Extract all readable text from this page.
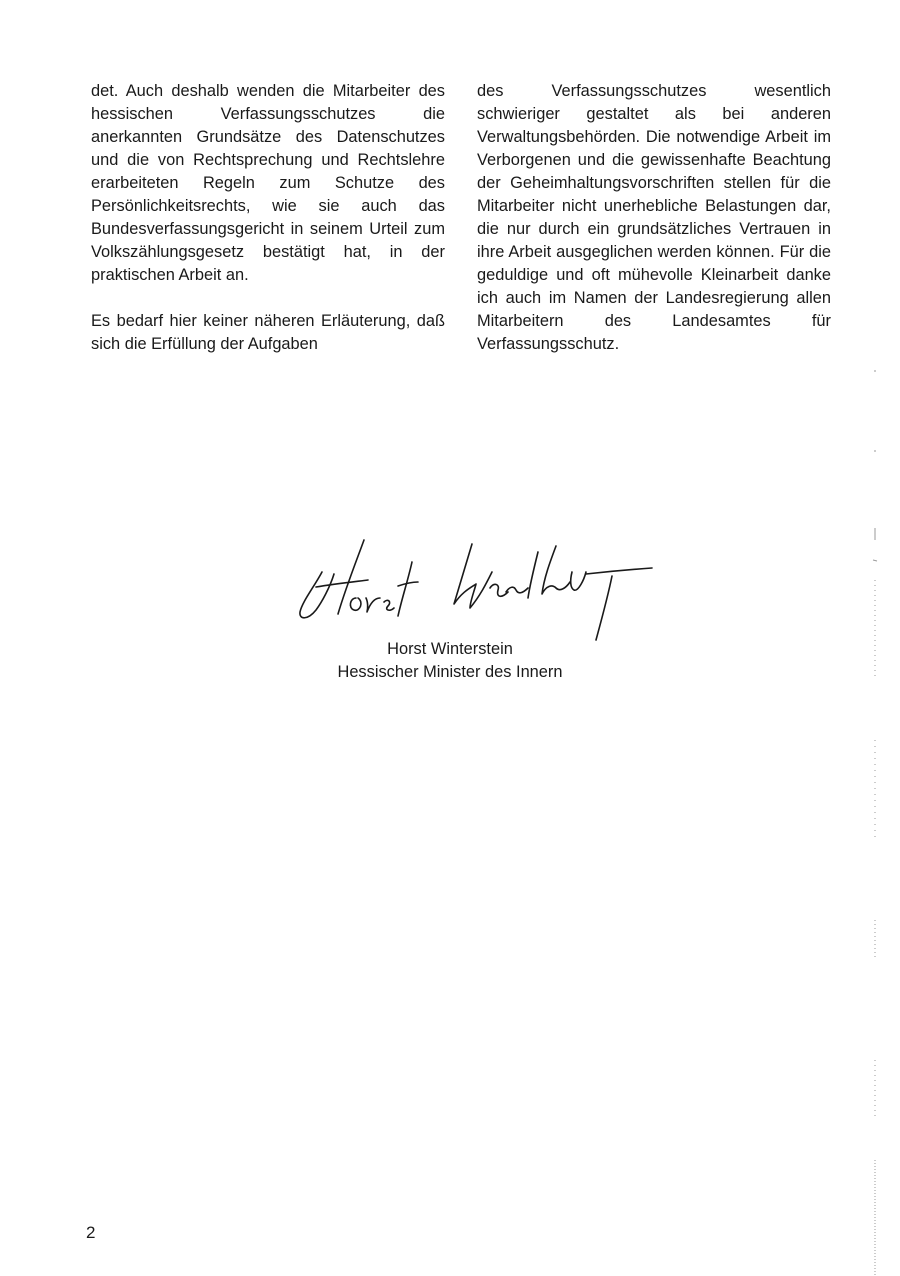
det. Auch deshalb wenden die Mitarbeiter des hessischen Verfassungsschutzes die anerkannten Grundsätze des Datenschutzes und die von Rechtsprechung und Rechtslehre erarbeiteten Regeln zum Schutze des Persönlichkeitsrechts, wie sie auch das Bundesverfassungsgericht in seinem Urteil zum Volkszählungsgesetz bestätigt hat, in der praktischen Arbeit an.

Es bedarf hier keiner näheren Erläuterung, daß sich die Erfüllung der Aufgaben

des Verfassungsschutzes wesentlich schwieriger gestaltet als bei anderen Verwaltungsbehörden. Die notwendige Arbeit im Verborgenen und die gewissenhafte Beachtung der Geheimhaltungsvorschriften stellen für die Mitarbeiter nicht unerhebliche Belastungen dar, die nur durch ein grundsätzliches Vertrauen in ihre Arbeit ausgeglichen werden können. Für die geduldige und oft mühevolle Kleinarbeit danke ich auch im Namen der Landesregierung allen Mitarbeitern des Landesamtes für Verfassungsschutz.

Horst Winterstein
Hessischer Minister des Innern
2
